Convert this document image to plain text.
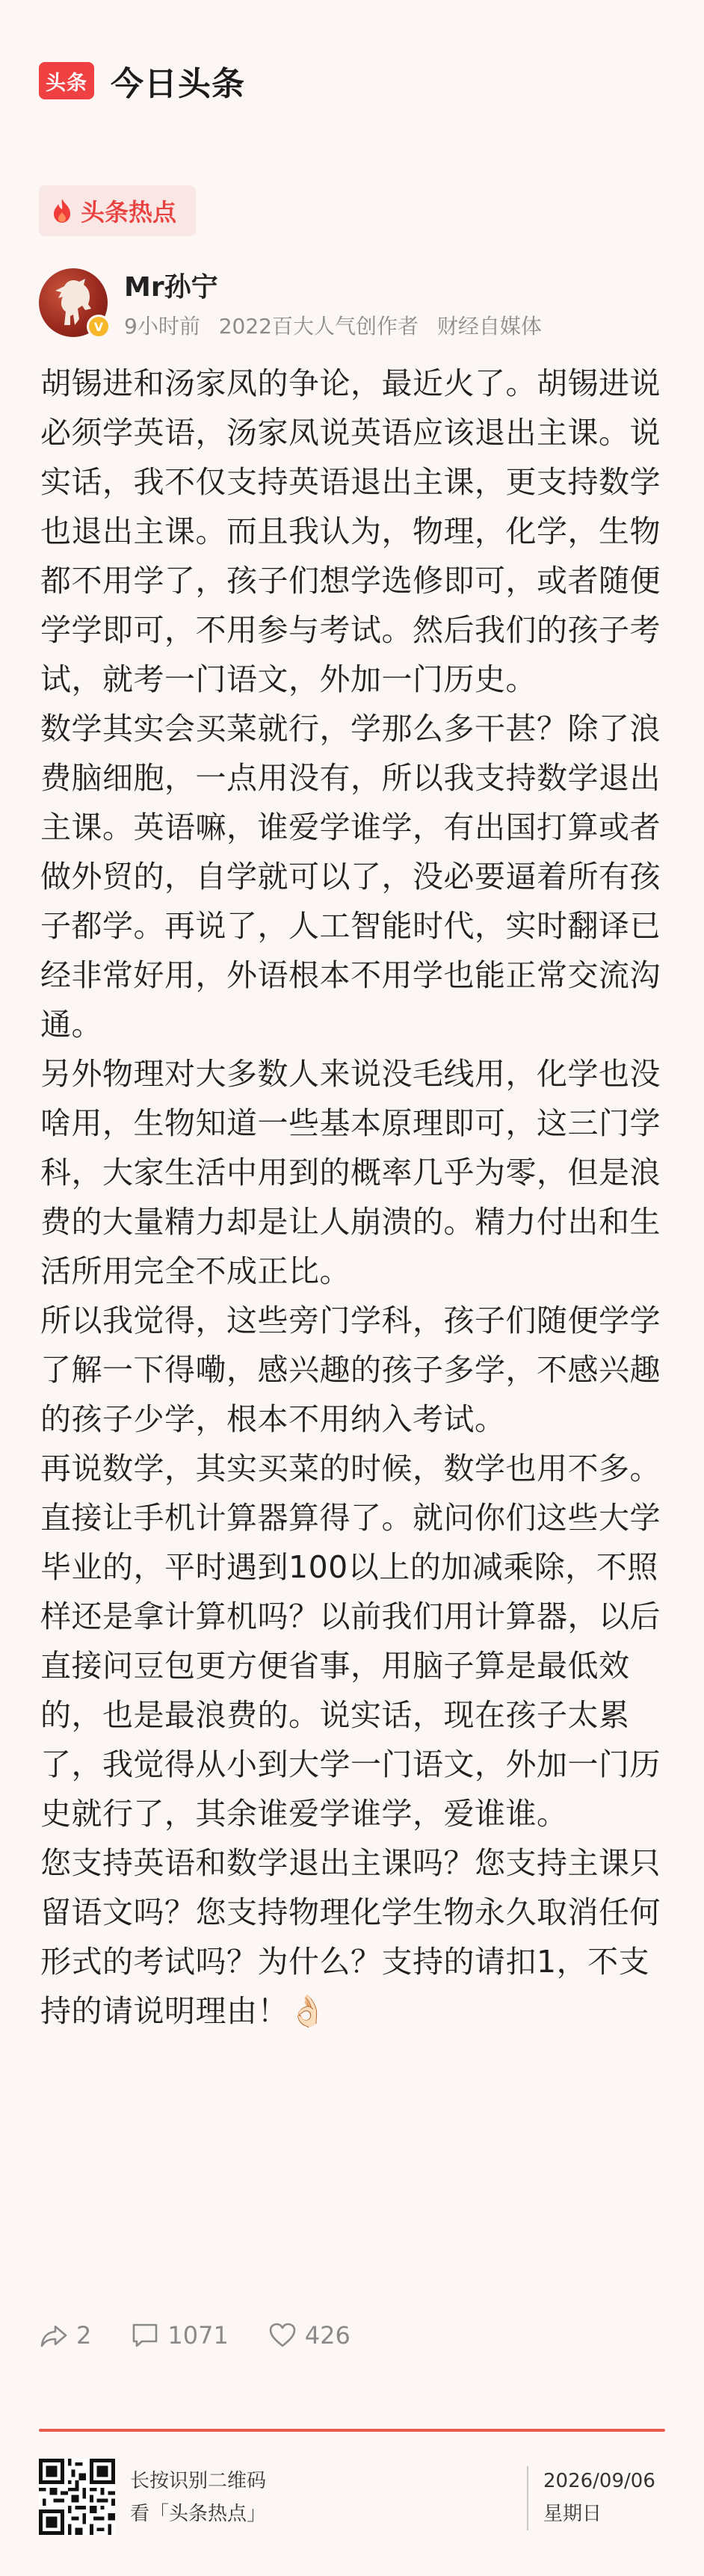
头条 今日头条
头条热点
V
Mr孙宁
9小时前 2022百大人气创作者 财经自媒体

胡锡进和汤家凤的争论，最近火了。胡锡进说必须学英语，汤家凤说英语应该退出主课。说实话，我不仅支持英语退出主课，更支持数学也退出主课。而且我认为，物理，化学，生物都不用学了，孩子们想学选修即可，或者随便学学即可，不用参与考试。然后我们的孩子考试，就考一门语文，外加一门历史。

数学其实会买菜就行，学那么多干甚？除了浪费脑细胞，一点用没有，所以我支持数学退出主课。英语嘛，谁爱学谁学，有出国打算或者做外贸的，自学就可以了，没必要逼着所有孩子都学。再说了，人工智能时代，实时翻译已经非常好用，外语根本不用学也能正常交流沟通。

另外物理对大多数人来说没毛线用，化学也没啥用，生物知道一些基本原理即可，这三门学科，大家生活中用到的概率几乎为零，但是浪费的大量精力却是让人崩溃的。精力付出和生活所用完全不成正比。

所以我觉得，这些旁门学科，孩子们随便学学了解一下得嘞，感兴趣的孩子多学，不感兴趣的孩子少学，根本不用纳入考试。

再说数学，其实买菜的时候，数学也用不多。直接让手机计算器算得了。就问你们这些大学毕业的，平时遇到100以上的加减乘除，不照样还是拿计算机吗？以前我们用计算器，以后直接问豆包更方便省事，用脑子算是最低效的，也是最浪费的。说实话，现在孩子太累了，我觉得从小到大学一门语文，外加一门历史就行了，其余谁爱学谁学，爱谁谁。

您支持英语和数学退出主课吗？您支持主课只留语文吗？您支持物理化学生物永久取消任何形式的考试吗？为什么？支持的请扣1，不支持的请说明理由！👌🏻

2	1071	426
长按识别二维码
看「头条热点」
2026/09/06
星期日
